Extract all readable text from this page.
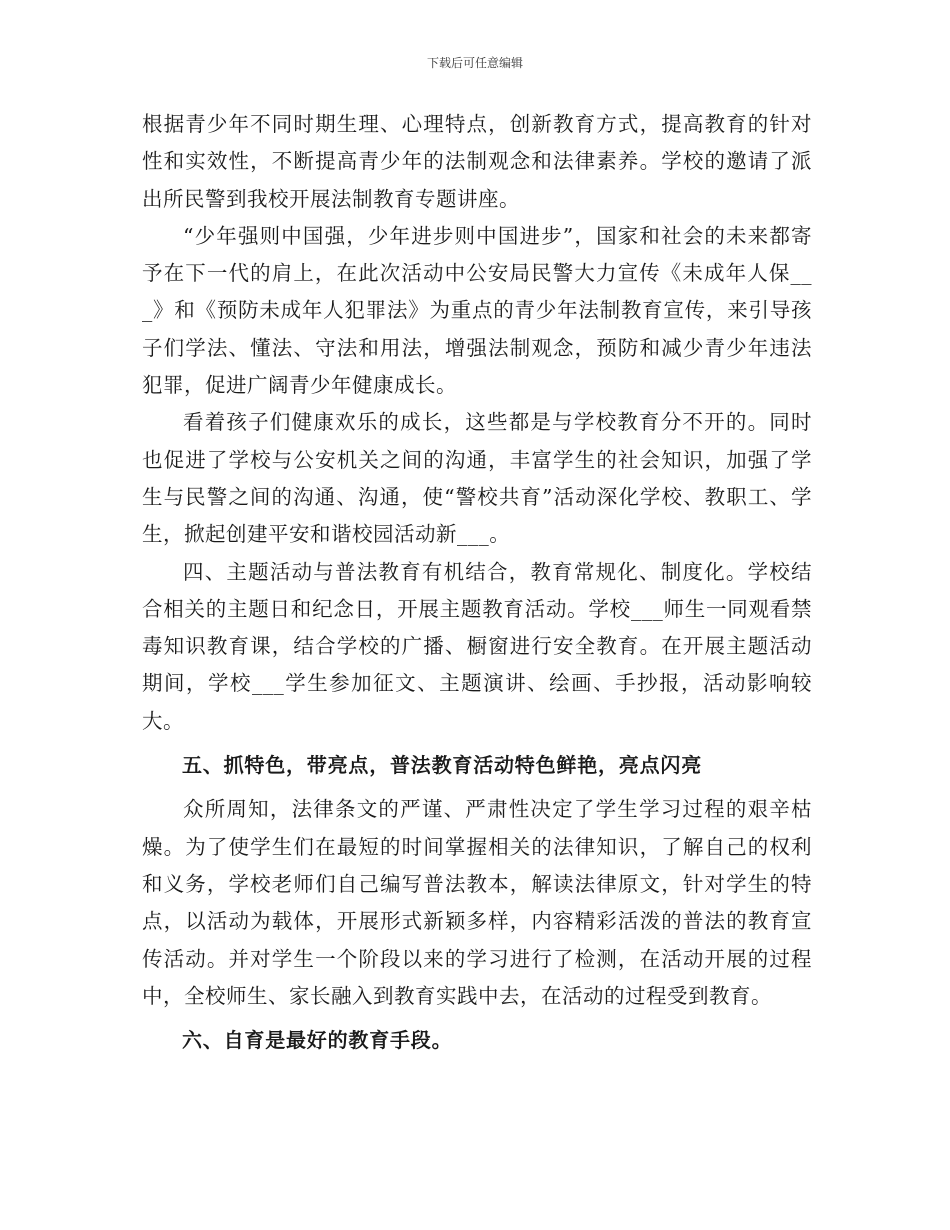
下载后可任意编辑

根据青少年不同时期生理、心理特点，创新教育方式，提高教育的针对性和实效性，不断提高青少年的法制观念和法律素养。学校的邀请了派出所民警到我校开展法制教育专题讲座。

“少年强则中国强，少年进步则中国进步”，国家和社会的未来都寄予在下一代的肩上，在此次活动中公安局民警大力宣传《未成年人保___》和《预防未成年人犯罪法》为重点的青少年法制教育宣传，来引导孩子们学法、懂法、守法和用法，增强法制观念，预防和减少青少年违法犯罪，促进广阔青少年健康成长。

看着孩子们健康欢乐的成长，这些都是与学校教育分不开的。同时也促进了学校与公安机关之间的沟通，丰富学生的社会知识，加强了学生与民警之间的沟通、沟通，使“警校共育”活动深化学校、教职工、学生，掀起创建平安和谐校园活动新___。

四、主题活动与普法教育有机结合，教育常规化、制度化。学校结合相关的主题日和纪念日，开展主题教育活动。学校___师生一同观看禁毒知识教育课，结合学校的广播、橱窗进行安全教育。在开展主题活动期间，学校___学生参加征文、主题演讲、绘画、手抄报，活动影响较大。

五、抓特色，带亮点，普法教育活动特色鲜艳，亮点闪亮

众所周知，法律条文的严谨、严肃性决定了学生学习过程的艰辛枯燥。为了使学生们在最短的时间掌握相关的法律知识，了解自己的权利和义务，学校老师们自己编写普法教本，解读法律原文，针对学生的特点，以活动为载体，开展形式新颖多样，内容精彩活泼的普法的教育宣传活动。并对学生一个阶段以来的学习进行了检测，在活动开展的过程中，全校师生、家长融入到教育实践中去，在活动的过程受到教育。

六、自育是最好的教育手段。
